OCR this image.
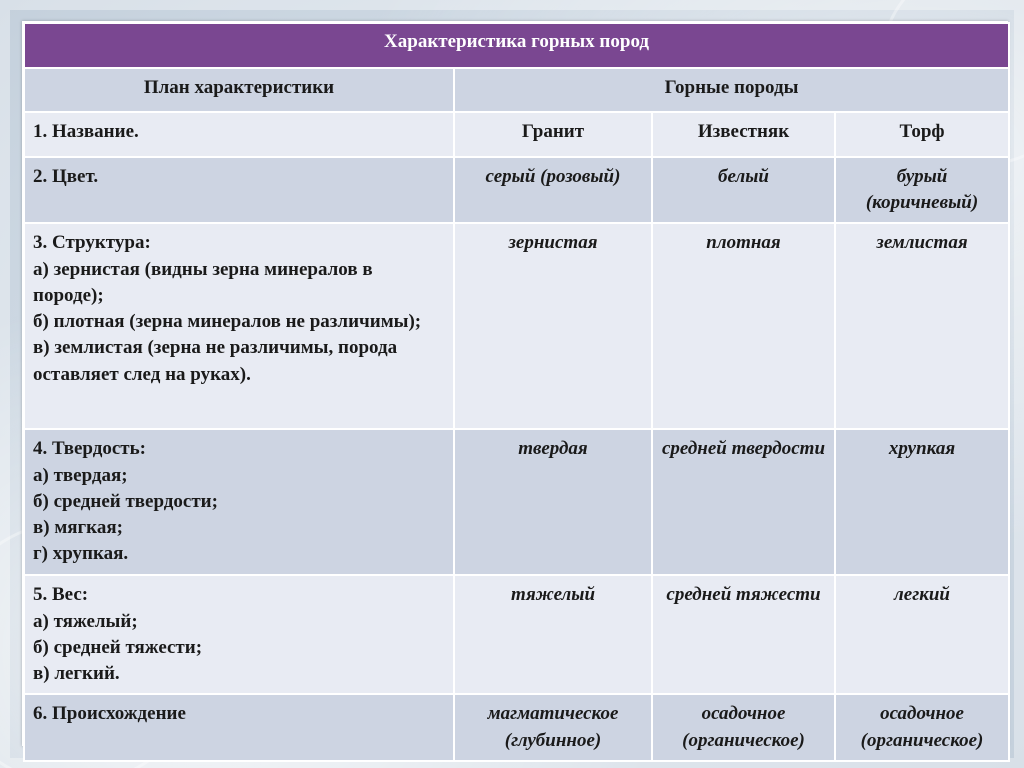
Характеристика горных пород			
План характеристики	Горные породы		

1. Название.	Гранит	Известняк	Торф

2. Цвет.	серый (розовый)	белый	бурый (коричневый)

3. Структура:
а) зернистая (видны зерна минералов в породе);
б) плотная (зерна минералов не различимы);
в) землистая (зерна не различимы, порода оставляет след на руках).	зернистая	плотная	землистая

4. Твердость:
а) твердая;
б) средней твердости;
в) мягкая;
г) хрупкая.	твердая	средней твердости	хрупкая

5. Вес:
а) тяжелый;
б) средней тяжести;
в) легкий.	тяжелый	средней тяжести	легкий

6. Происхождение	магматическое (глубинное)	осадочное (органическое)	осадочное (органическое)
